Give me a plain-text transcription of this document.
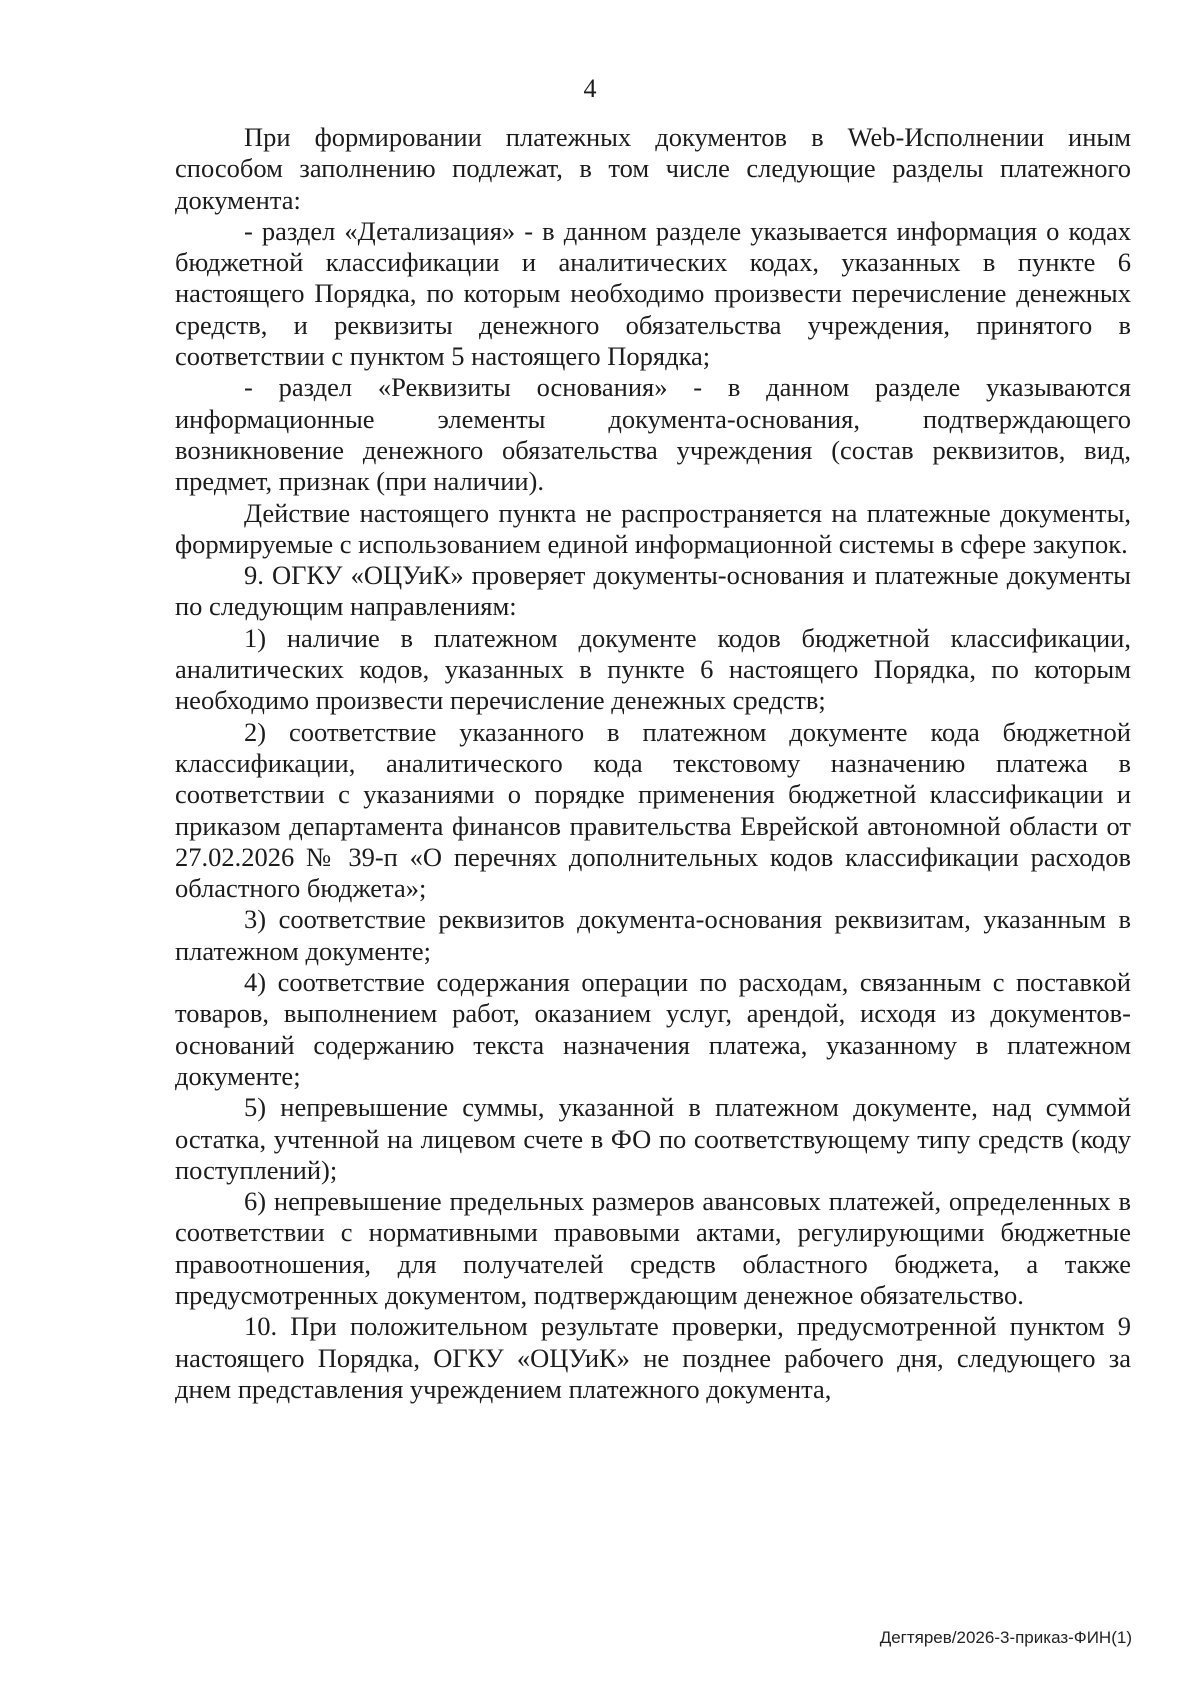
4

При формировании платежных документов в Web-Исполнении иным способом заполнению подлежат, в том числе следующие разделы платежного документа:

- раздел «Детализация» - в данном разделе указывается информация о кодах бюджетной классификации и аналитических кодах, указанных в пункте 6 настоящего Порядка, по которым необходимо произвести перечисление денежных средств, и реквизиты денежного обязательства учреждения, принятого в соответствии с пунктом 5 настоящего Порядка;

- раздел «Реквизиты основания» - в данном разделе указываются информационные элементы документа-основания, подтверждающего возникновение денежного обязательства учреждения (состав реквизитов, вид, предмет, признак (при наличии).

Действие настоящего пункта не распространяется на платежные документы, формируемые с использованием единой информационной системы в сфере закупок.

9. ОГКУ «ОЦУиК» проверяет документы-основания и платежные документы по следующим направлениям:

1) наличие в платежном документе кодов бюджетной классификации, аналитических кодов, указанных в пункте 6 настоящего Порядка, по которым необходимо произвести перечисление денежных средств;

2) соответствие указанного в платежном документе кода бюджетной классификации, аналитического кода текстовому назначению платежа в соответствии с указаниями о порядке применения бюджетной классификации и приказом департамента финансов правительства Еврейской автономной области от 27.02.2026 № 39-п «О перечнях дополнительных кодов классификации расходов областного бюджета»;

3) соответствие реквизитов документа-основания реквизитам, указанным в платежном документе;

4) соответствие содержания операции по расходам, связанным с поставкой товаров, выполнением работ, оказанием услуг, арендой, исходя из документов-оснований содержанию текста назначения платежа, указанному в платежном документе;

5) непревышение суммы, указанной в платежном документе, над суммой остатка, учтенной на лицевом счете в ФО по соответствующему типу средств (коду поступлений);

6) непревышение предельных размеров авансовых платежей, определенных в соответствии с нормативными правовыми актами, регулирующими бюджетные правоотношения, для получателей средств областного бюджета, а также предусмотренных документом, подтверждающим денежное обязательство.

10. При положительном результате проверки, предусмотренной пунктом 9 настоящего Порядка, ОГКУ «ОЦУиК» не позднее рабочего дня, следующего за днем представления учреждением платежного документа,

Дегтярев/2026-3-приказ-ФИН(1)
